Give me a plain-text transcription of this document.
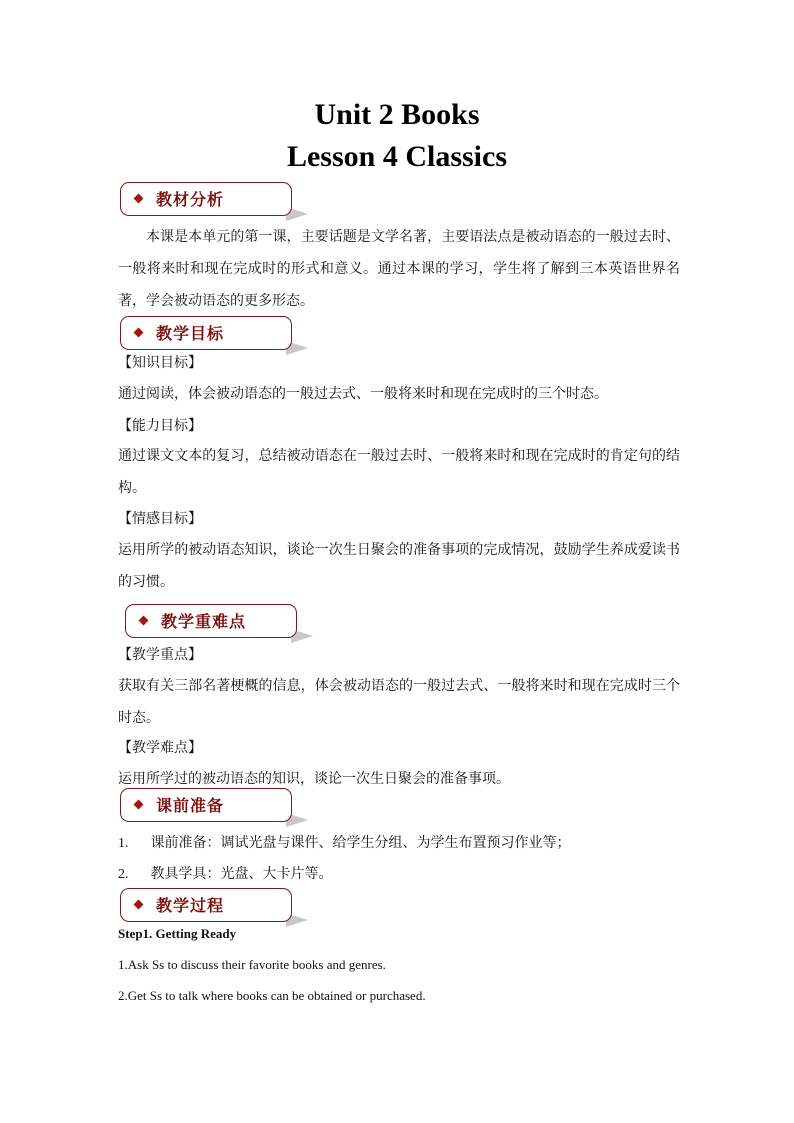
Unit 2 Books
Lesson 4 Classics
教材分析

本课是本单元的第一课，主要话题是文学名著，主要语法点是被动语态的一般过去时、一般将来时和现在完成时的形式和意义。通过本课的学习，学生将了解到三本英语世界名著，学会被动语态的更多形态。

教学目标

【知识目标】

通过阅读，体会被动语态的一般过去式、一般将来时和现在完成时的三个时态。

【能力目标】

通过课文文本的复习，总结被动语态在一般过去时、一般将来时和现在完成时的肯定句的结构。

【情感目标】

运用所学的被动语态知识，谈论一次生日聚会的准备事项的完成情况，鼓励学生养成爱读书的习惯。

教学重难点

【教学重点】

获取有关三部名著梗概的信息，体会被动语态的一般过去式、一般将来时和现在完成时三个时态。

【教学难点】

运用所学过的被动语态的知识，谈论一次生日聚会的准备事项。

课前准备

1. 课前准备：调试光盘与课件、给学生分组、为学生布置预习作业等；

2. 教具学具：光盘、大卡片等。

教学过程

Step1. Getting Ready

1.Ask Ss to discuss their favorite books and genres.

2.Get Ss to talk where books can be obtained or purchased.
